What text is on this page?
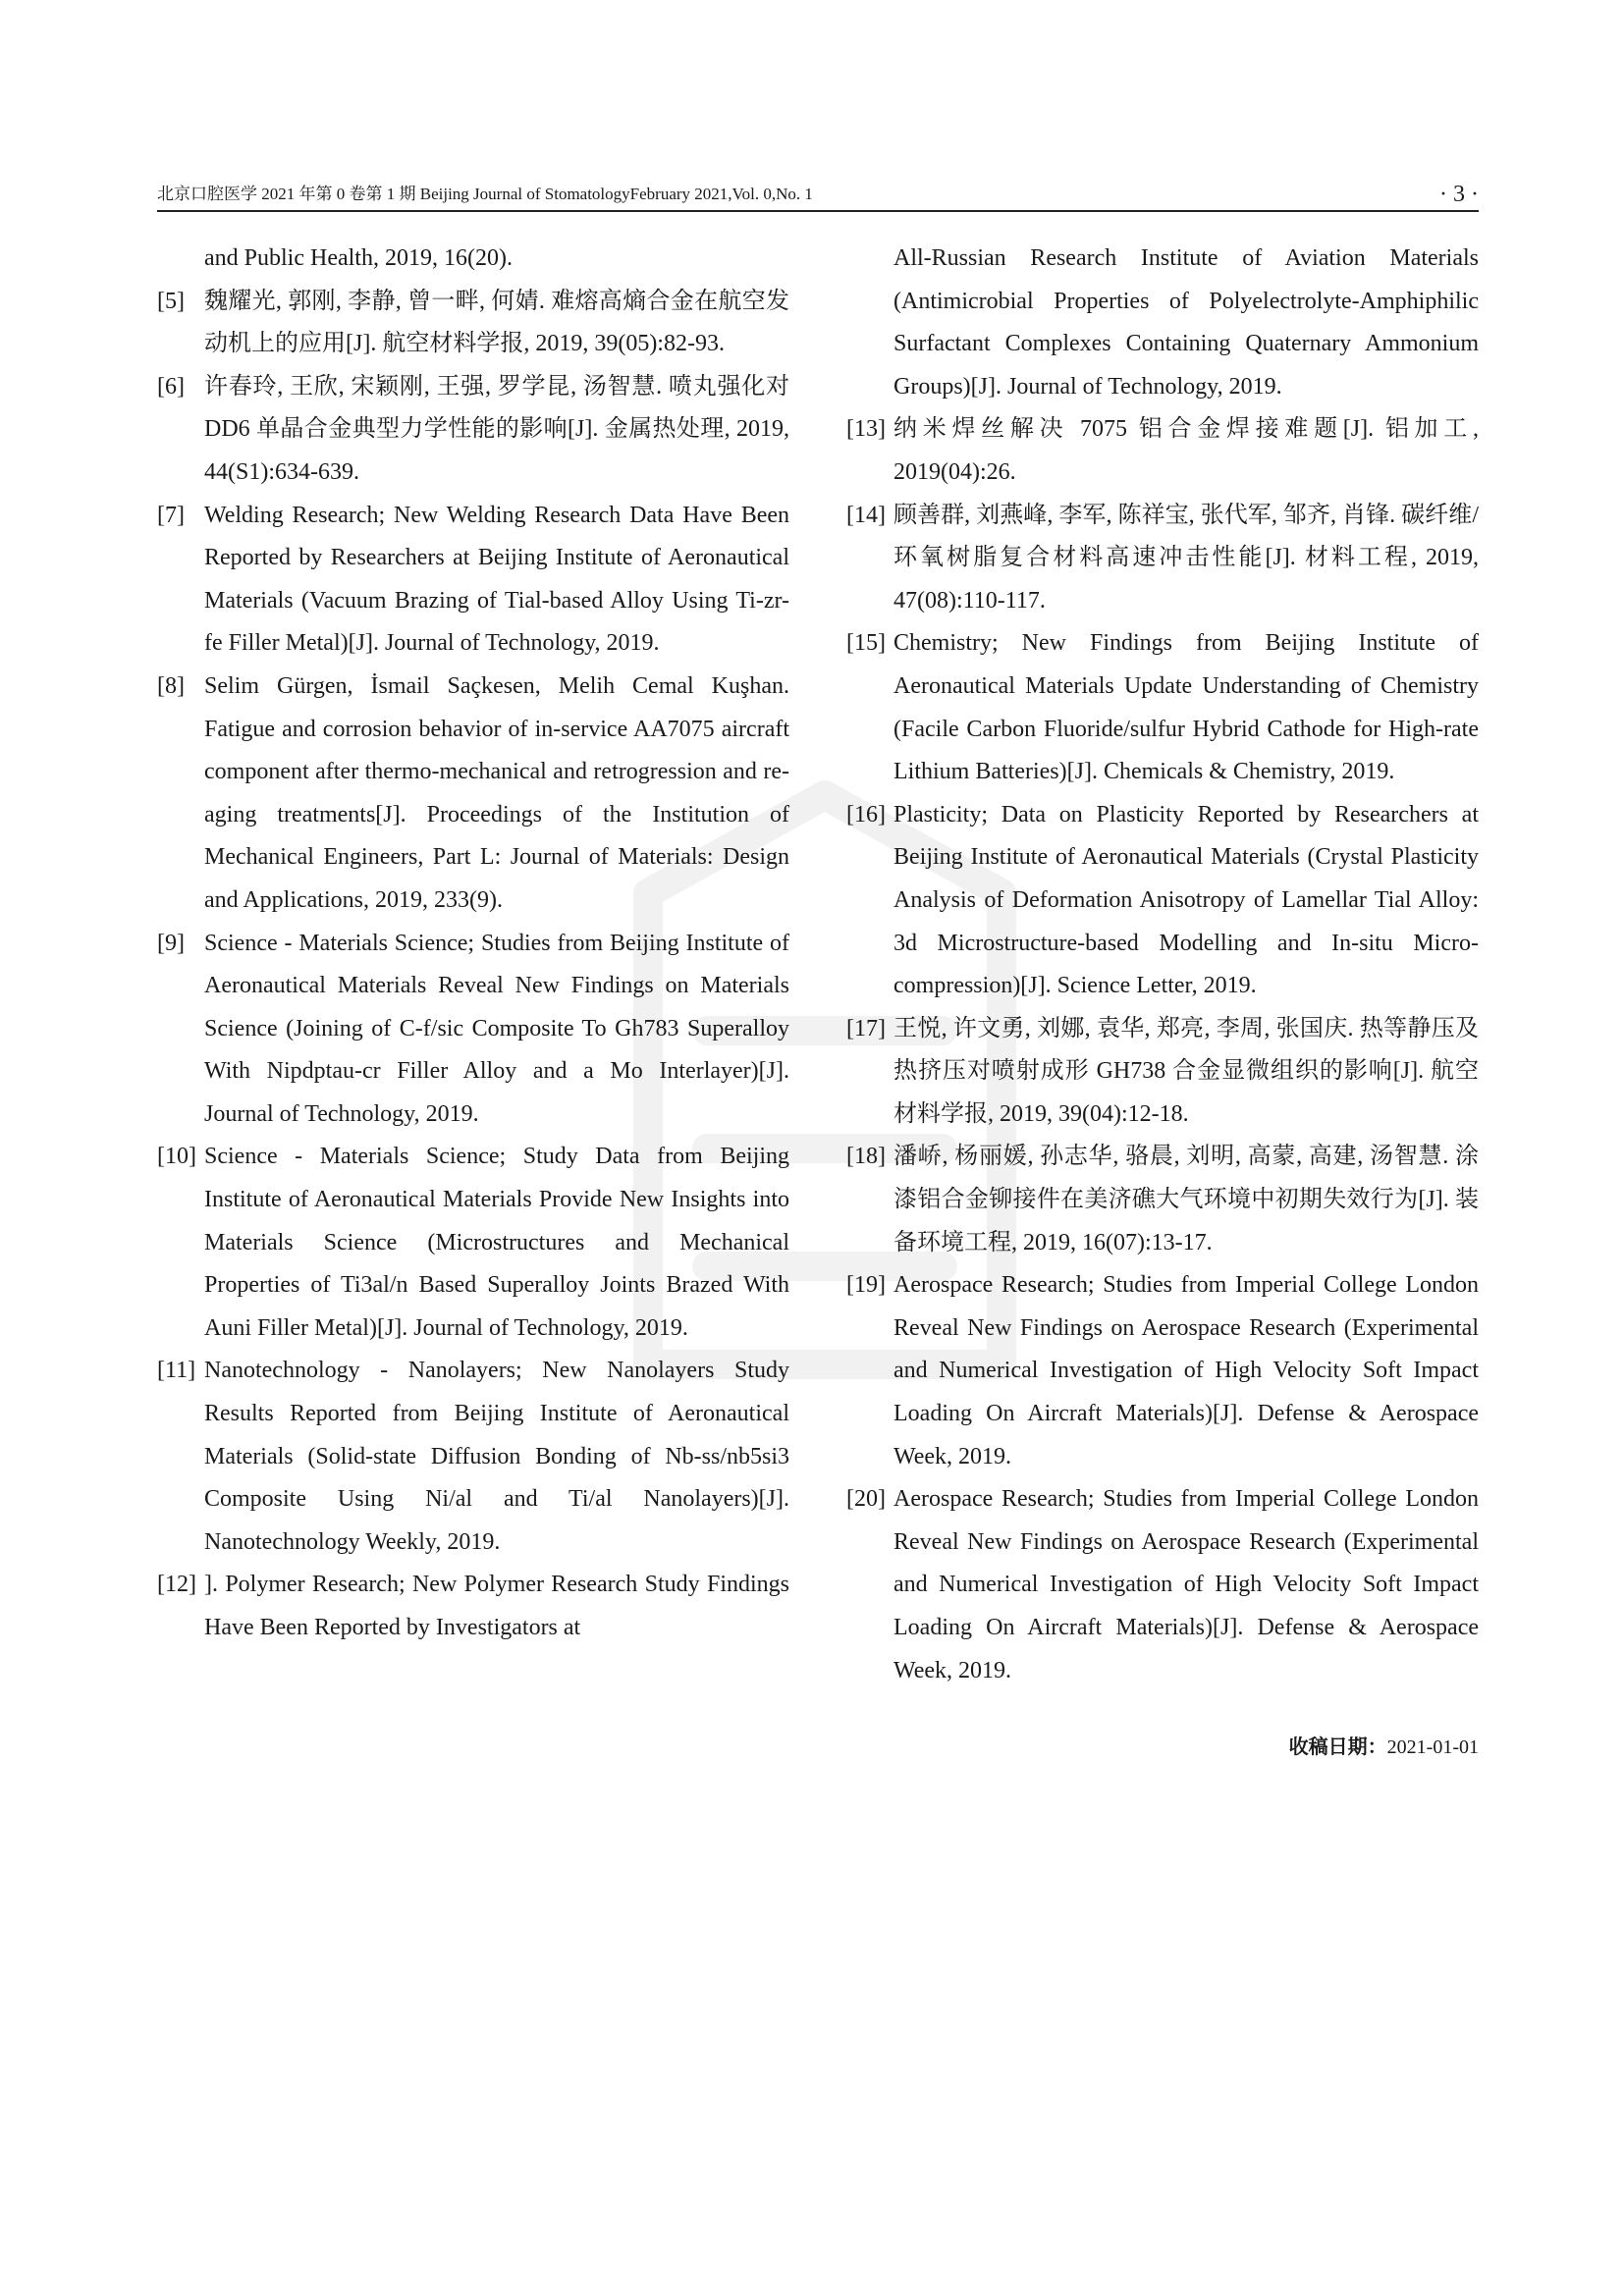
北京口腔医学 2021 年第 0 卷第 1 期 Beijing Journal of StomatologyFebruary 2021,Vol. 0,No. 1	· 3 ·

and Public Health, 2019, 16(20).

[5] 魏耀光, 郭刚, 李静, 曾一畔, 何婧. 难熔高熵合金在航空发动机上的应用[J]. 航空材料学报, 2019, 39(05):82-93.

[6] 许春玲, 王欣, 宋颖刚, 王强, 罗学昆, 汤智慧. 喷丸强化对 DD6 单晶合金典型力学性能的影响[J]. 金属热处理, 2019, 44(S1):634-639.

[7] Welding Research; New Welding Research Data Have Been Reported by Researchers at Beijing Institute of Aeronautical Materials (Vacuum Brazing of Tial-based Alloy Using Ti-zr-fe Filler Metal)[J]. Journal of Technology, 2019.

[8] Selim Gürgen, İsmail Saçkesen, Melih Cemal Kuşhan. Fatigue and corrosion behavior of in-service AA7075 aircraft component after thermo-mechanical and retrogression and re-aging treatments[J]. Proceedings of the Institution of Mechanical Engineers, Part L: Journal of Materials: Design and Applications, 2019, 233(9).

[9] Science - Materials Science; Studies from Beijing Institute of Aeronautical Materials Reveal New Findings on Materials Science (Joining of C-f/sic Composite To Gh783 Superalloy With Nipdptau-cr Filler Alloy and a Mo Interlayer)[J]. Journal of Technology, 2019.

[10] Science - Materials Science; Study Data from Beijing Institute of Aeronautical Materials Provide New Insights into Materials Science (Microstructures and Mechanical Properties of Ti3al/n Based Superalloy Joints Brazed With Auni Filler Metal)[J]. Journal of Technology, 2019.

[11] Nanotechnology - Nanolayers; New Nanolayers Study Results Reported from Beijing Institute of Aeronautical Materials (Solid-state Diffusion Bonding of Nb-ss/nb5si3 Composite Using Ni/al and Ti/al Nanolayers)[J]. Nanotechnology Weekly, 2019.

[12] ]. Polymer Research; New Polymer Research Study Findings Have Been Reported by Investigators at

All-Russian Research Institute of Aviation Materials (Antimicrobial Properties of Polyelectrolyte-Amphiphilic Surfactant Complexes Containing Quaternary Ammonium Groups)[J]. Journal of Technology, 2019.

[13] 纳米焊丝解决 7075 铝合金焊接难题[J]. 铝加工, 2019(04):26.

[14] 顾善群, 刘燕峰, 李军, 陈祥宝, 张代军, 邹齐, 肖锋. 碳纤维/环氧树脂复合材料高速冲击性能[J]. 材料工程, 2019, 47(08):110-117.

[15] Chemistry; New Findings from Beijing Institute of Aeronautical Materials Update Understanding of Chemistry (Facile Carbon Fluoride/sulfur Hybrid Cathode for High-rate Lithium Batteries)[J]. Chemicals & Chemistry, 2019.

[16] Plasticity; Data on Plasticity Reported by Researchers at Beijing Institute of Aeronautical Materials (Crystal Plasticity Analysis of Deformation Anisotropy of Lamellar Tial Alloy: 3d Microstructure-based Modelling and In-situ Micro-compression)[J]. Science Letter, 2019.

[17] 王悦, 许文勇, 刘娜, 袁华, 郑亮, 李周, 张国庆. 热等静压及热挤压对喷射成形 GH738 合金显微组织的影响[J]. 航空材料学报, 2019, 39(04):12-18.

[18] 潘峤, 杨丽媛, 孙志华, 骆晨, 刘明, 高蒙, 高建, 汤智慧. 涂漆铝合金铆接件在美济礁大气环境中初期失效行为[J]. 装备环境工程, 2019, 16(07):13-17.

[19] Aerospace Research; Studies from Imperial College London Reveal New Findings on Aerospace Research (Experimental and Numerical Investigation of High Velocity Soft Impact Loading On Aircraft Materials)[J]. Defense & Aerospace Week, 2019.

[20] Aerospace Research; Studies from Imperial College London Reveal New Findings on Aerospace Research (Experimental and Numerical Investigation of High Velocity Soft Impact Loading On Aircraft Materials)[J]. Defense & Aerospace Week, 2019.

收稿日期：2021-01-01
